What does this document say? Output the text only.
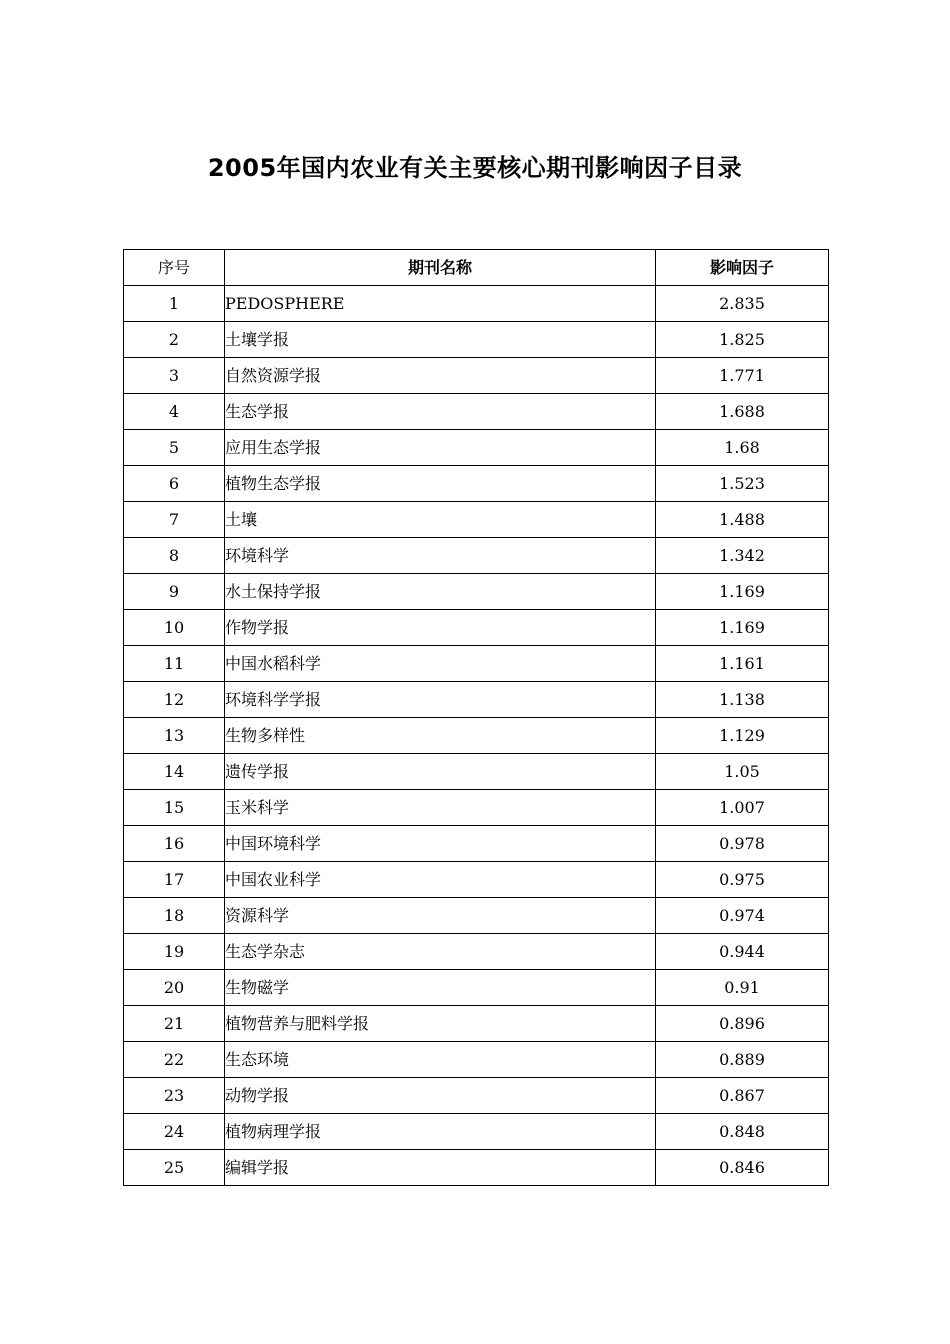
2005年国内农业有关主要核心期刊影响因子目录
序号	期刊名称	影响因子
1	PEDOSPHERE	2.835
2	土壤学报	1.825
3	自然资源学报	1.771
4	生态学报	1.688
5	应用生态学报	1.68
6	植物生态学报	1.523
7	土壤	1.488
8	环境科学	1.342
9	水土保持学报	1.169
10	作物学报	1.169
11	中国水稻科学	1.161
12	环境科学学报	1.138
13	生物多样性	1.129
14	遗传学报	1.05
15	玉米科学	1.007
16	中国环境科学	0.978
17	中国农业科学	0.975
18	资源科学	0.974
19	生态学杂志	0.944
20	生物磁学	0.91
21	植物营养与肥料学报	0.896
22	生态环境	0.889
23	动物学报	0.867
24	植物病理学报	0.848
25	编辑学报	0.846
